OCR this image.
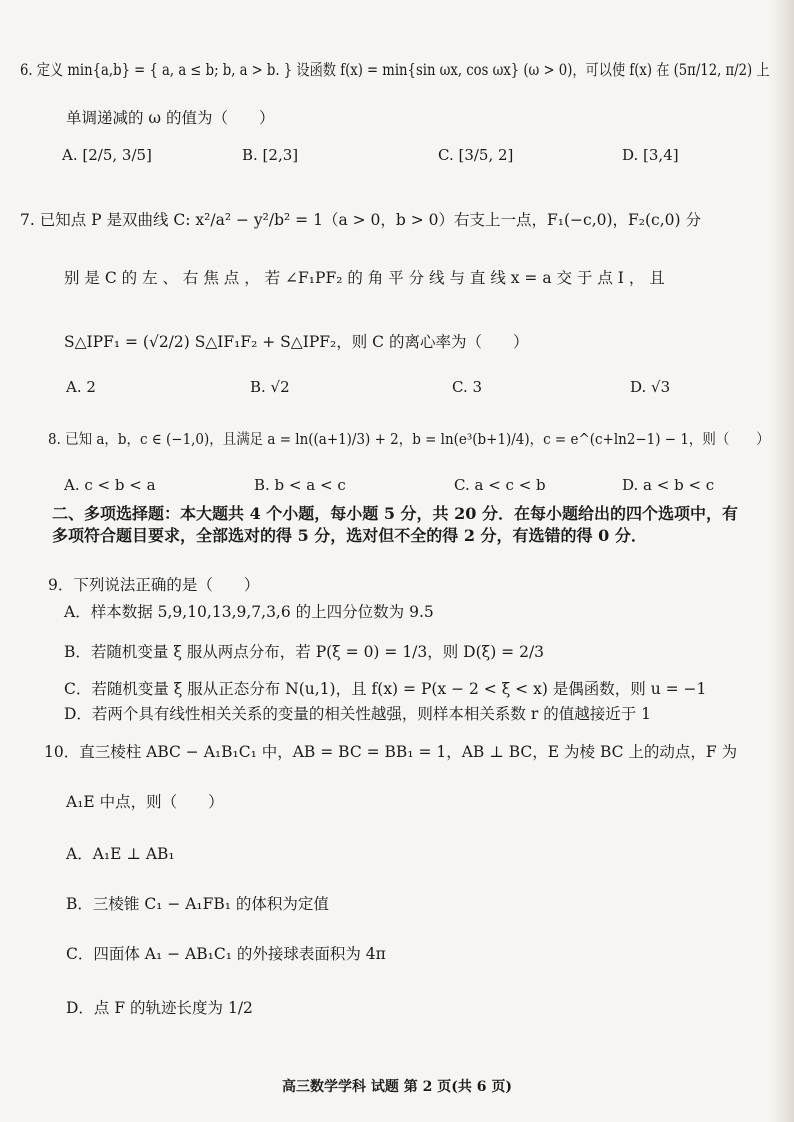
6. 定义 min{a,b} = { a, a ≤ b; b, a > b. } 设函数 f(x) = min{sin ωx, cos ωx} (ω > 0)，可以使 f(x) 在 (5π/12, π/2) 上
单调递减的 ω 的值为（　　）
A. [2/5, 3/5]	B. [2,3]	C. [3/5, 2]	D. [3,4]
7. 已知点 P 是双曲线 C: x²/a² − y²/b² = 1（a > 0，b > 0）右支上一点，F₁(−c,0)，F₂(c,0) 分
别 是 C 的 左 、 右 焦 点 ， 若 ∠F₁PF₂ 的 角 平 分 线 与 直 线 x = a 交 于 点 I ， 且
S△IPF₁ = (√2/2) S△IF₁F₂ + S△IPF₂，则 C 的离心率为（　　）
A. 2	B. √2	C. 3	D. √3
8. 已知 a，b，c ∈ (−1,0)，且满足 a = ln((a+1)/3) + 2，b = ln(e³(b+1)/4)，c = e^(c+ln2−1) − 1，则（　　）
A. c < b < a	B. b < a < c	C. a < c < b	D. a < b < c
二、多项选择题：本大题共 4 个小题，每小题 5 分，共 20 分．在每小题给出的四个选项中，有多项符合题目要求，全部选对的得 5 分，选对但不全的得 2 分，有选错的得 0 分．
9．下列说法正确的是（　　）
A．样本数据 5,9,10,13,9,7,3,6 的上四分位数为 9.5
B．若随机变量 ξ 服从两点分布，若 P(ξ = 0) = 1/3，则 D(ξ) = 2/3
C．若随机变量 ξ 服从正态分布 N(u,1)，且 f(x) = P(x − 2 < ξ < x) 是偶函数，则 u = −1
D．若两个具有线性相关关系的变量的相关性越强，则样本相关系数 r 的值越接近于 1
10．直三棱柱 ABC − A₁B₁C₁ 中，AB = BC = BB₁ = 1，AB ⊥ BC，E 为棱 BC 上的动点，F 为
A₁E 中点，则（　　）
A．A₁E ⊥ AB₁
B．三棱锥 C₁ − A₁FB₁ 的体积为定值
C．四面体 A₁ − AB₁C₁ 的外接球表面积为 4π
D．点 F 的轨迹长度为 1/2
高三数学学科 试题 第 2 页(共 6 页)
